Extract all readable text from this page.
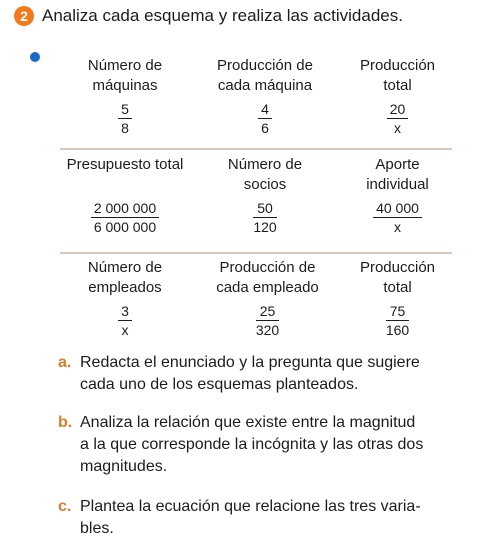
2 Analiza cada esquema y realiza las actividades.
Número de
máquinas
$\frac{5}{8}$
Producción de
cada máquina
$\frac{4}{6}$
Producción
total
$\frac{20}{x}$
Presupuesto total
$\frac{2 000 000}{6 000 000}$
Número de
socios
$\frac{50}{120}$
Aporte
individual
$\frac{40 000}{x}$
Número de
empleados
$\frac{3}{x}$
Producción de
cada empleado
$\frac{25}{320}$
Producción
total
$\frac{75}{160}$
a. Redacta el enunciado y la pregunta que sugiere
cada uno de los esquemas planteados.
b. Analiza la relación que existe entre la magnitud
a la que corresponde la incógnita y las otras dos
magnitudes.
c. Plantea la ecuación que relacione las tres varia-
bles.
